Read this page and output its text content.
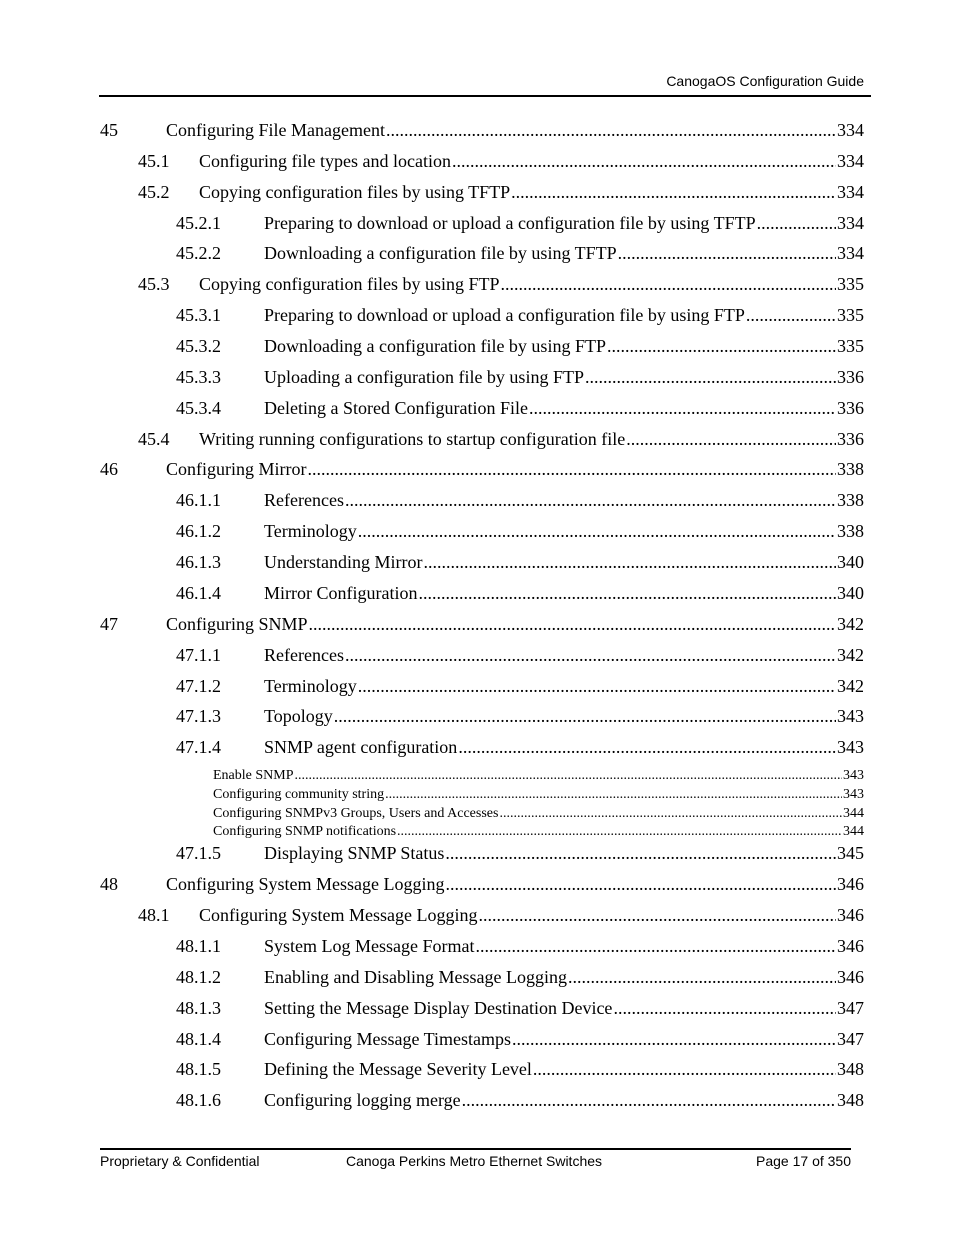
CanogaOS Configuration Guide
45	Configuring File Management .....	334
45.1 Configuring file types and location .....	334
45.2 Copying configuration files by using TFTP .....	334
45.2.1 Preparing to download or upload a configuration file by using TFTP .....	334
45.2.2 Downloading a configuration file by using TFTP .....	334
45.3 Copying configuration files by using FTP .....	335
45.3.1 Preparing to download or upload a configuration file by using FTP .....	335
45.3.2 Downloading a configuration file by using FTP .....	335
45.3.3 Uploading a configuration file by using FTP .....	336
45.3.4 Deleting a Stored Configuration File .....	336
45.4 Writing running configurations to startup configuration file .....	336
46	Configuring Mirror .....	338
46.1.1 References .....	338
46.1.2 Terminology .....	338
46.1.3 Understanding Mirror .....	340
46.1.4 Mirror Configuration .....	340
47	Configuring SNMP .....	342
47.1.1 References .....	342
47.1.2 Terminology .....	342
47.1.3 Topology .....	343
47.1.4 SNMP agent configuration .....	343
Enable SNMP .....	343
Configuring community string .....	343
Configuring SNMPv3 Groups, Users and Accesses .....	344
Configuring SNMP notifications .....	344
47.1.5 Displaying SNMP Status .....	345
48	Configuring System Message Logging .....	346
48.1 Configuring System Message Logging .....	346
48.1.1 System Log Message Format .....	346
48.1.2 Enabling and Disabling Message Logging .....	346
48.1.3 Setting the Message Display Destination Device .....	347
48.1.4 Configuring Message Timestamps .....	347
48.1.5 Defining the Message Severity Level .....	348
48.1.6 Configuring logging merge .....	348
Proprietary & Confidential	Canoga Perkins Metro Ethernet Switches	Page 17 of 350
